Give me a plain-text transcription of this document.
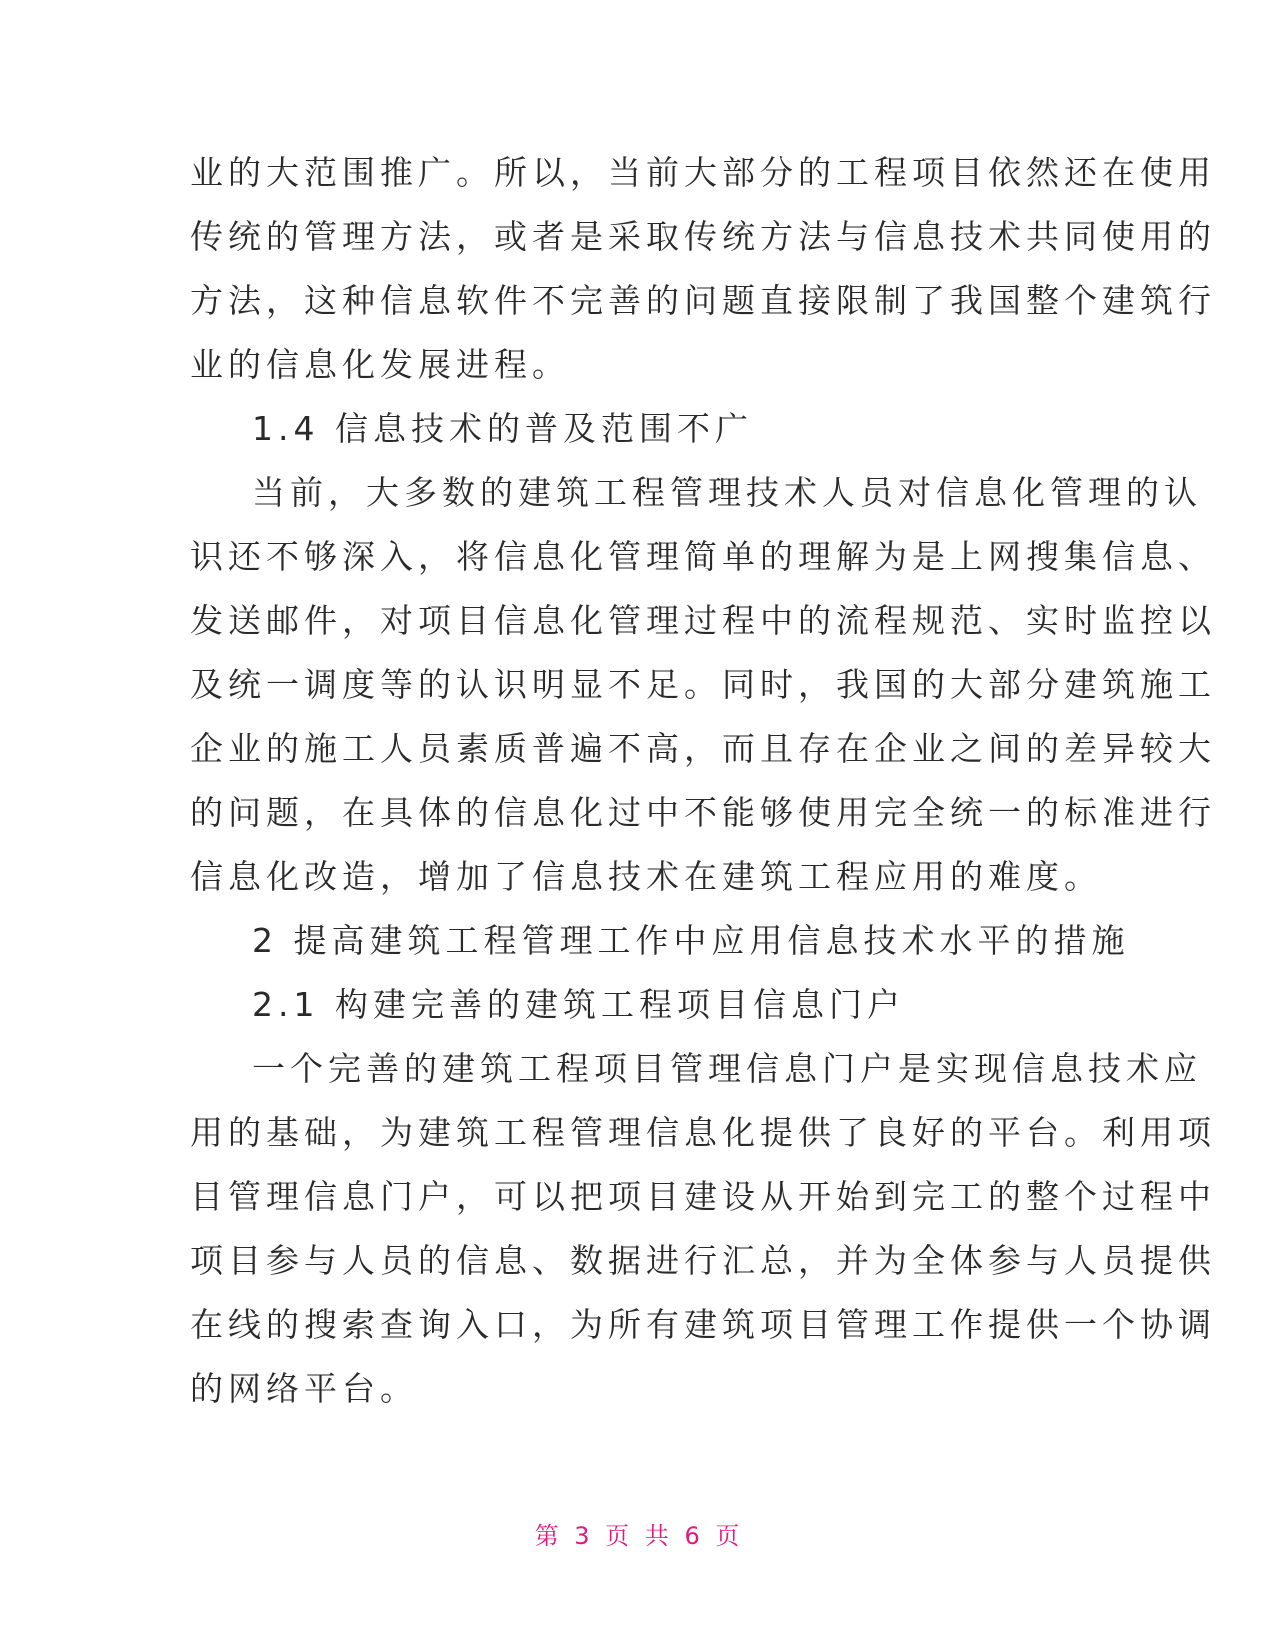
业的大范围推广。所以，当前大部分的工程项目依然还在使用
传统的管理方法，或者是采取传统方法与信息技术共同使用的
方法，这种信息软件不完善的问题直接限制了我国整个建筑行
业的信息化发展进程。
1.4 信息技术的普及范围不广
当前，大多数的建筑工程管理技术人员对信息化管理的认
识还不够深入，将信息化管理简单的理解为是上网搜集信息、
发送邮件，对项目信息化管理过程中的流程规范、实时监控以
及统一调度等的认识明显不足。同时，我国的大部分建筑施工
企业的施工人员素质普遍不高，而且存在企业之间的差异较大
的问题，在具体的信息化过中不能够使用完全统一的标准进行
信息化改造，增加了信息技术在建筑工程应用的难度。
2 提高建筑工程管理工作中应用信息技术水平的措施
2.1 构建完善的建筑工程项目信息门户
一个完善的建筑工程项目管理信息门户是实现信息技术应
用的基础，为建筑工程管理信息化提供了良好的平台。利用项
目管理信息门户，可以把项目建设从开始到完工的整个过程中
项目参与人员的信息、数据进行汇总，并为全体参与人员提供
在线的搜索查询入口，为所有建筑项目管理工作提供一个协调
的网络平台。
第 3 页 共 6 页
